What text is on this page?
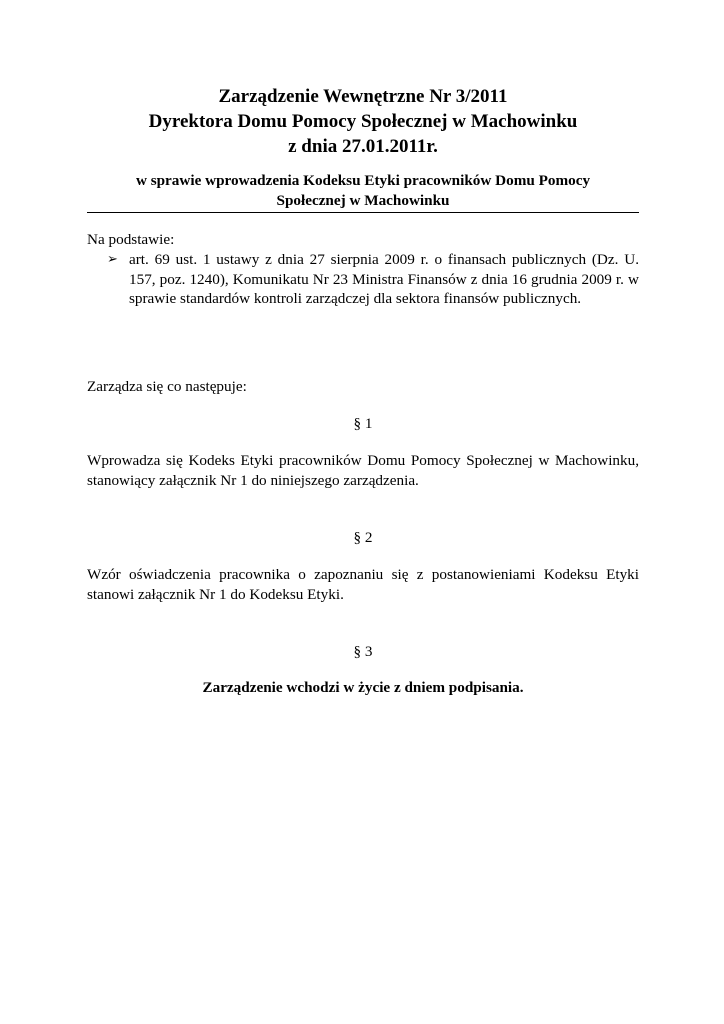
Zarządzenie Wewnętrzne Nr 3/2011

Dyrektora Domu Pomocy Społecznej w Machowinku

z dnia 27.01.2011r.

w sprawie wprowadzenia Kodeksu Etyki pracowników Domu Pomocy
Społecznej w Machowinku

Na podstawie:

➢ art. 69 ust. 1 ustawy z dnia 27 sierpnia 2009 r. o finansach publicznych (Dz. U. 157, poz. 1240), Komunikatu Nr 23 Ministra Finansów z dnia 16 grudnia 2009 r. w sprawie standardów kontroli zarządczej dla sektora finansów publicznych.

Zarządza się co następuje:

§ 1

Wprowadza się Kodeks Etyki pracowników Domu Pomocy Społecznej w Machowinku, stanowiący załącznik Nr 1 do niniejszego zarządzenia.

§ 2

Wzór oświadczenia pracownika o zapoznaniu się z postanowieniami Kodeksu Etyki stanowi załącznik Nr 1 do Kodeksu Etyki.

§ 3

Zarządzenie wchodzi w życie z dniem podpisania.
